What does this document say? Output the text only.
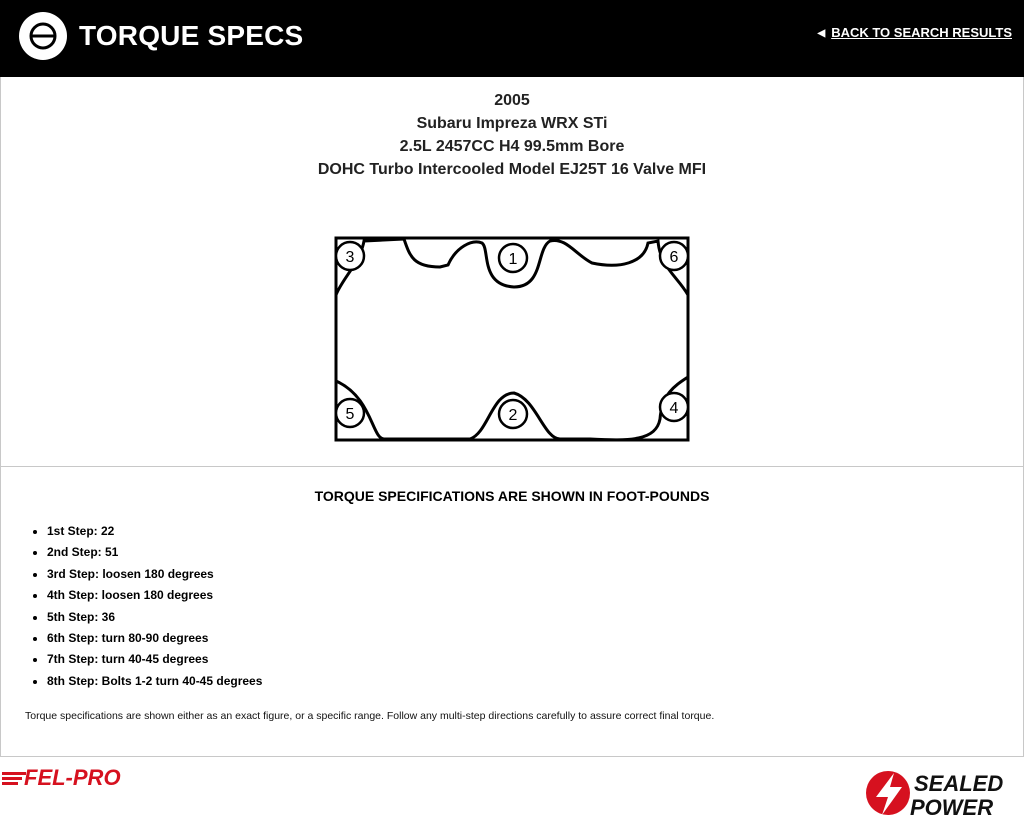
TORQUE SPECS	◀ BACK TO SEARCH RESULTS
2005
Subaru Impreza WRX STi
2.5L 2457CC H4 99.5mm Bore
DOHC Turbo Intercooled Model EJ25T 16 Valve MFI
1
2
3
4
5
6
TORQUE SPECIFICATIONS ARE SHOWN IN FOOT-POUNDS
• 1st Step: 22
• 2nd Step: 51
• 3rd Step: loosen 180 degrees
• 4th Step: loosen 180 degrees
• 5th Step: 36
• 6th Step: turn 80-90 degrees
• 7th Step: turn 40-45 degrees
• 8th Step: Bolts 1-2 turn 40-45 degrees
Torque specifications are shown either as an exact figure, or a specific range. Follow any multi-step directions carefully to assure correct final torque.
FEL-PRO	SEALED
POWER
